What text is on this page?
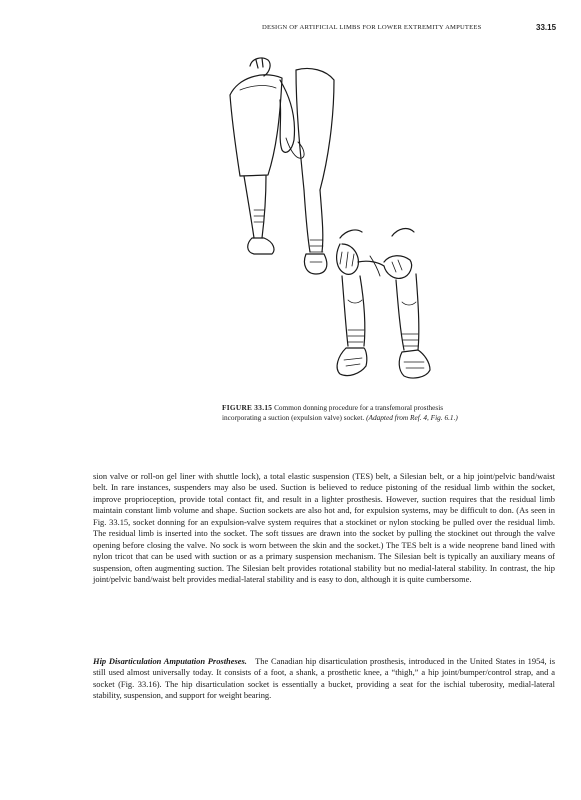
DESIGN OF ARTIFICIAL LIMBS FOR LOWER EXTREMITY AMPUTEES	33.15
FIGURE 33.15 Common donning procedure for a transfemoral prosthesis incorporating a suction (expulsion valve) socket. (Adapted from Ref. 4, Fig. 6.1.)

sion valve or roll-on gel liner with shuttle lock), a total elastic suspension (TES) belt, a Silesian belt, or a hip joint/pelvic band/waist belt. In rare instances, suspenders may also be used. Suction is believed to reduce pistoning of the residual limb within the socket, improve proprioception, provide total contact fit, and result in a lighter prosthesis. However, suction requires that the residual limb maintain constant limb volume and shape. Suction sockets are also hot and, for expulsion systems, may be difficult to don. (As seen in Fig. 33.15, socket donning for an expulsion-valve system requires that a stockinet or nylon stocking be pulled over the residual limb. The residual limb is inserted into the socket. The soft tissues are drawn into the socket by pulling the stockinet out through the valve opening before closing the valve. No sock is worn between the skin and the socket.) The TES belt is a wide neoprene band lined with nylon tricot that can be used with suction or as a primary suspension mechanism. The Silesian belt is typically an auxiliary means of suspension, often augmenting suction. The Silesian belt provides rotational stability but no medial-lateral stability. In contrast, the hip joint/pelvic band/waist belt provides medial-lateral stability and is easy to don, although it is quite cumbersome.

Hip Disarticulation Amputation Prostheses. The Canadian hip disarticulation prosthesis, introduced in the United States in 1954, is still used almost universally today. It consists of a foot, a shank, a prosthetic knee, a “thigh,” a hip joint/bumper/control strap, and a socket (Fig. 33.16). The hip disarticulation socket is essentially a bucket, providing a seat for the ischial tuberosity, medial-lateral stability, suspension, and support for weight bearing.
